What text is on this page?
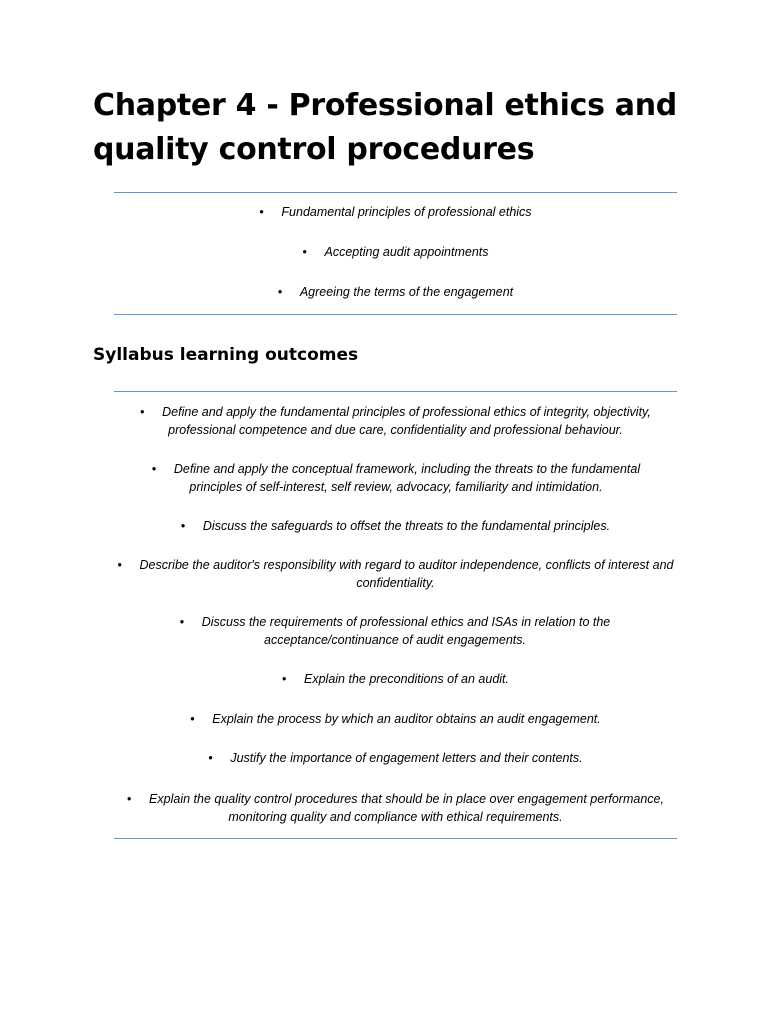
Chapter 4 - Professional ethics and quality control procedures
• Fundamental principles of professional ethics
• Accepting audit appointments
• Agreeing the terms of the engagement
Syllabus learning outcomes
• Define and apply the fundamental principles of professional ethics of integrity, objectivity, professional competence and due care, confidentiality and professional behaviour.
• Define and apply the conceptual framework, including the threats to the fundamental principles of self-interest, self review, advocacy, familiarity and intimidation.
• Discuss the safeguards to offset the threats to the fundamental principles.
• Describe the auditor's responsibility with regard to auditor independence, conflicts of interest and confidentiality.
• Discuss the requirements of professional ethics and ISAs in relation to the acceptance/continuance of audit engagements.
• Explain the preconditions of an audit.
• Explain the process by which an auditor obtains an audit engagement.
• Justify the importance of engagement letters and their contents.
• Explain the quality control procedures that should be in place over engagement performance, monitoring quality and compliance with ethical requirements.
